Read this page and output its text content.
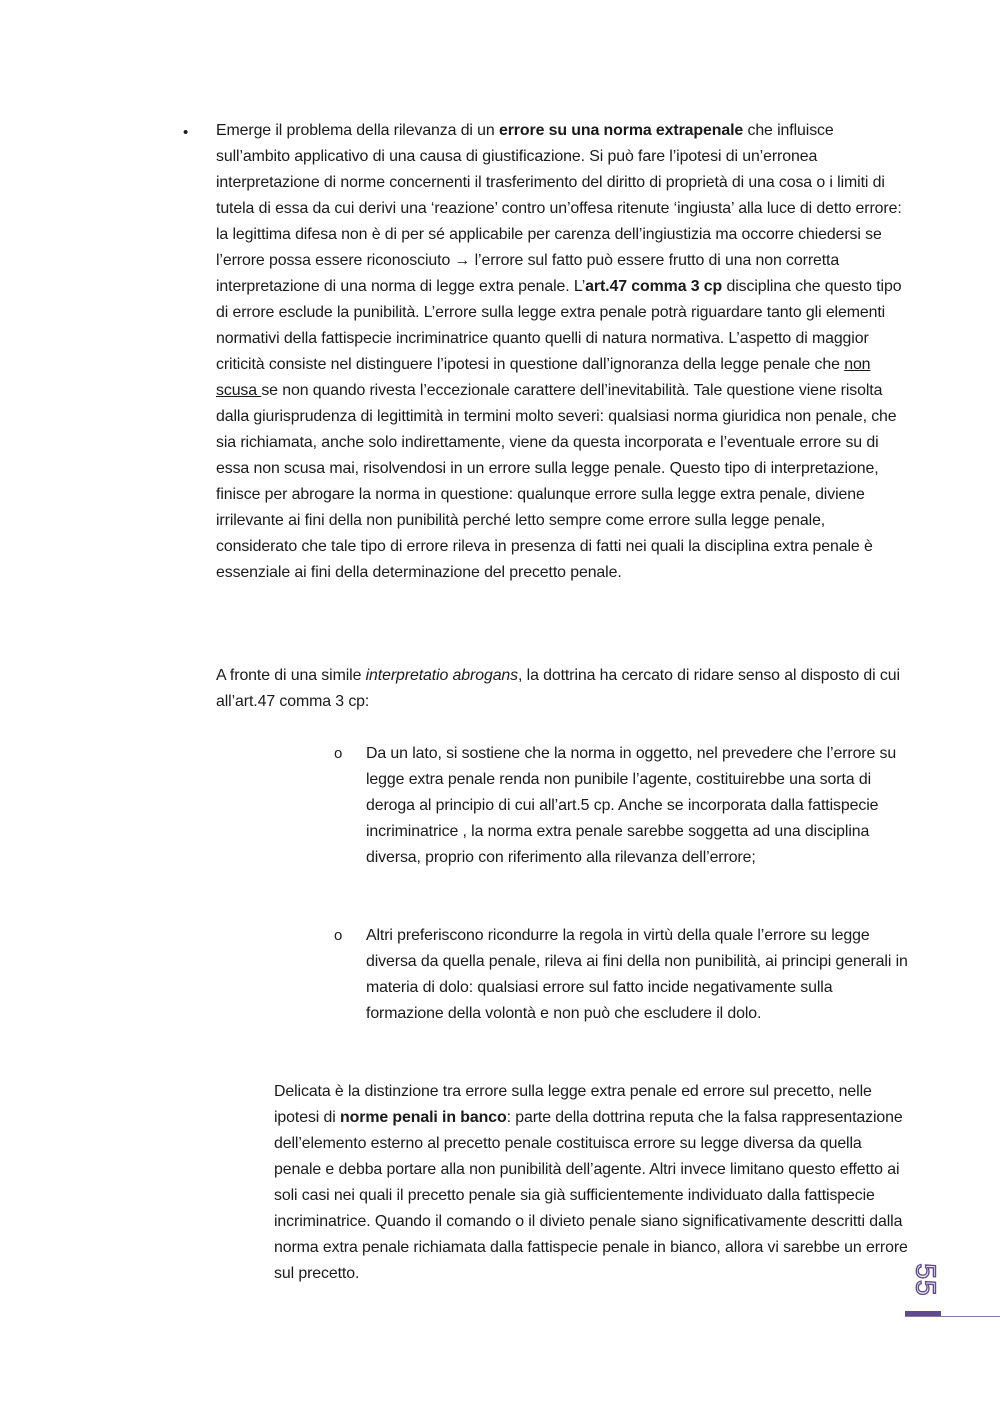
• Emerge il problema della rilevanza di un errore su una norma extrapenale che influisce sull’ambito applicativo di una causa di giustificazione. Si può fare l’ipotesi di un’erronea interpretazione di norme concernenti il trasferimento del diritto di proprietà di una cosa o i limiti di tutela di essa da cui derivi una ‘reazione’ contro un’offesa ritenute ‘ingiusta’ alla luce di detto errore: la legittima difesa non è di per sé applicabile per carenza dell’ingiustizia ma occorre chiedersi se l’errore possa essere riconosciuto → l’errore sul fatto può essere frutto di una non corretta interpretazione di una norma di legge extra penale. L’art.47 comma 3 cp disciplina che questo tipo di errore esclude la punibilità. L’errore sulla legge extra penale potrà riguardare tanto gli elementi normativi della fattispecie incriminatrice quanto quelli di natura normativa. L’aspetto di maggior criticità consiste nel distinguere l’ipotesi in questione dall’ignoranza della legge penale che non scusa se non quando rivesta l’eccezionale carattere dell’inevitabilità. Tale questione viene risolta dalla giurisprudenza di legittimità in termini molto severi: qualsiasi norma giuridica non penale, che sia richiamata, anche solo indirettamente, viene da questa incorporata e l’eventuale errore su di essa non scusa mai, risolvendosi in un errore sulla legge penale. Questo tipo di interpretazione, finisce per abrogare la norma in questione: qualunque errore sulla legge extra penale, diviene irrilevante ai fini della non punibilità perché letto sempre come errore sulla legge penale, considerato che tale tipo di errore rileva in presenza di fatti nei quali la disciplina extra penale è essenziale ai fini della determinazione del precetto penale.

A fronte di una simile interpretatio abrogans, la dottrina ha cercato di ridare senso al disposto di cui all’art.47 comma 3 cp:

o Da un lato, si sostiene che la norma in oggetto, nel prevedere che l’errore su legge extra penale renda non punibile l’agente, costituirebbe una sorta di deroga al principio di cui all’art.5 cp. Anche se incorporata dalla fattispecie incriminatrice , la norma extra penale sarebbe soggetta ad una disciplina diversa, proprio con riferimento alla rilevanza dell’errore;

o Altri preferiscono ricondurre la regola in virtù della quale l’errore su legge diversa da quella penale, rileva ai fini della non punibilità, ai principi generali in materia di dolo: qualsiasi errore sul fatto incide negativamente sulla formazione della volontà e non può che escludere il dolo.

Delicata è la distinzione tra errore sulla legge extra penale ed errore sul precetto, nelle ipotesi di norme penali in banco: parte della dottrina reputa che la falsa rappresentazione dell’elemento esterno al precetto penale costituisca errore su legge diversa da quella penale e debba portare alla non punibilità dell’agente. Altri invece limitano questo effetto ai soli casi nei quali il precetto penale sia già sufficientemente individuato dalla fattispecie incriminatrice. Quando il comando o il divieto penale siano significativamente descritti dalla norma extra penale richiamata dalla fattispecie penale in bianco, allora vi sarebbe un errore sul precetto.	55
